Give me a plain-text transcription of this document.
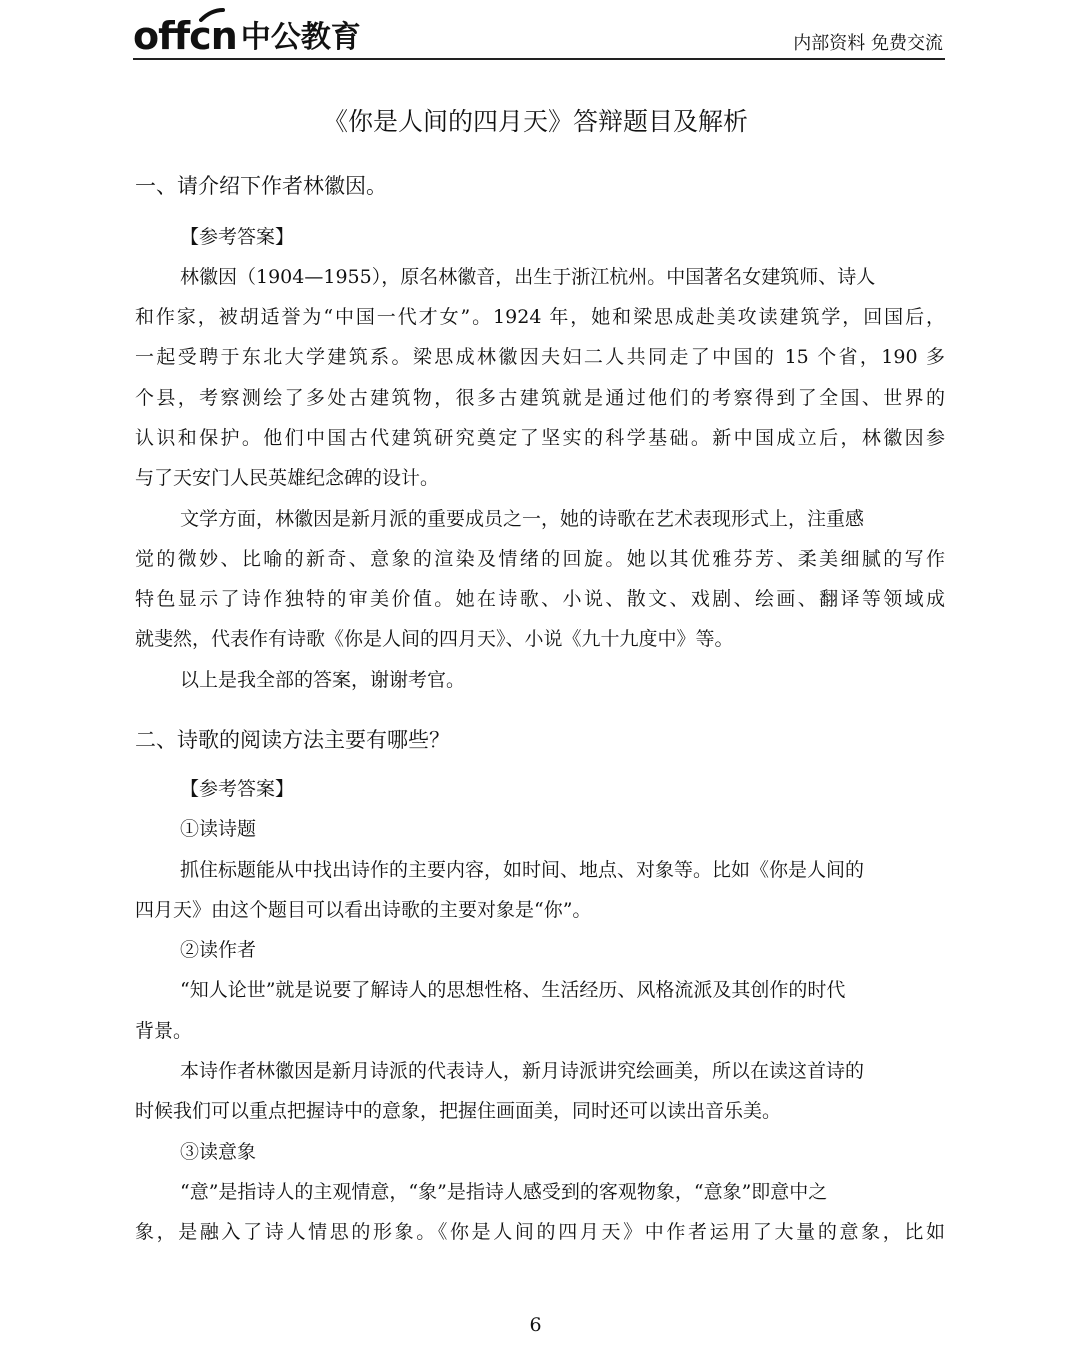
offcn 中公教育	内部资料 免费交流
《你是人间的四月天》答辩题目及解析
一、请介绍下作者林徽因。
【参考答案】
林徽因（1904—1955），原名林徽音，出生于浙江杭州。中国著名女建筑师、诗人
和作家，被胡适誉为“中国一代才女”。1924 年，她和梁思成赴美攻读建筑学，回国后，
一起受聘于东北大学建筑系。梁思成林徽因夫妇二人共同走了中国的 15 个省，190 多
个县，考察测绘了多处古建筑物，很多古建筑就是通过他们的考察得到了全国、世界的
认识和保护。他们中国古代建筑研究奠定了坚实的科学基础。新中国成立后，林徽因参
与了天安门人民英雄纪念碑的设计。
文学方面，林徽因是新月派的重要成员之一，她的诗歌在艺术表现形式上，注重感
觉的微妙、比喻的新奇、意象的渲染及情绪的回旋。她以其优雅芬芳、柔美细腻的写作
特色显示了诗作独特的审美价值。她在诗歌、小说、散文、戏剧、绘画、翻译等领域成
就斐然，代表作有诗歌《你是人间的四月天》、小说《九十九度中》等。
以上是我全部的答案，谢谢考官。
二、诗歌的阅读方法主要有哪些？
【参考答案】
①读诗题
抓住标题能从中找出诗作的主要内容，如时间、地点、对象等。比如《你是人间的
四月天》由这个题目可以看出诗歌的主要对象是“你”。
②读作者
“知人论世”就是说要了解诗人的思想性格、生活经历、风格流派及其创作的时代
背景。
本诗作者林徽因是新月诗派的代表诗人，新月诗派讲究绘画美，所以在读这首诗的
时候我们可以重点把握诗中的意象，把握住画面美，同时还可以读出音乐美。
③读意象
“意”是指诗人的主观情意，“象”是指诗人感受到的客观物象，“意象”即意中之
象，是融入了诗人情思的形象。《你是人间的四月天》中作者运用了大量的意象，比如
6
